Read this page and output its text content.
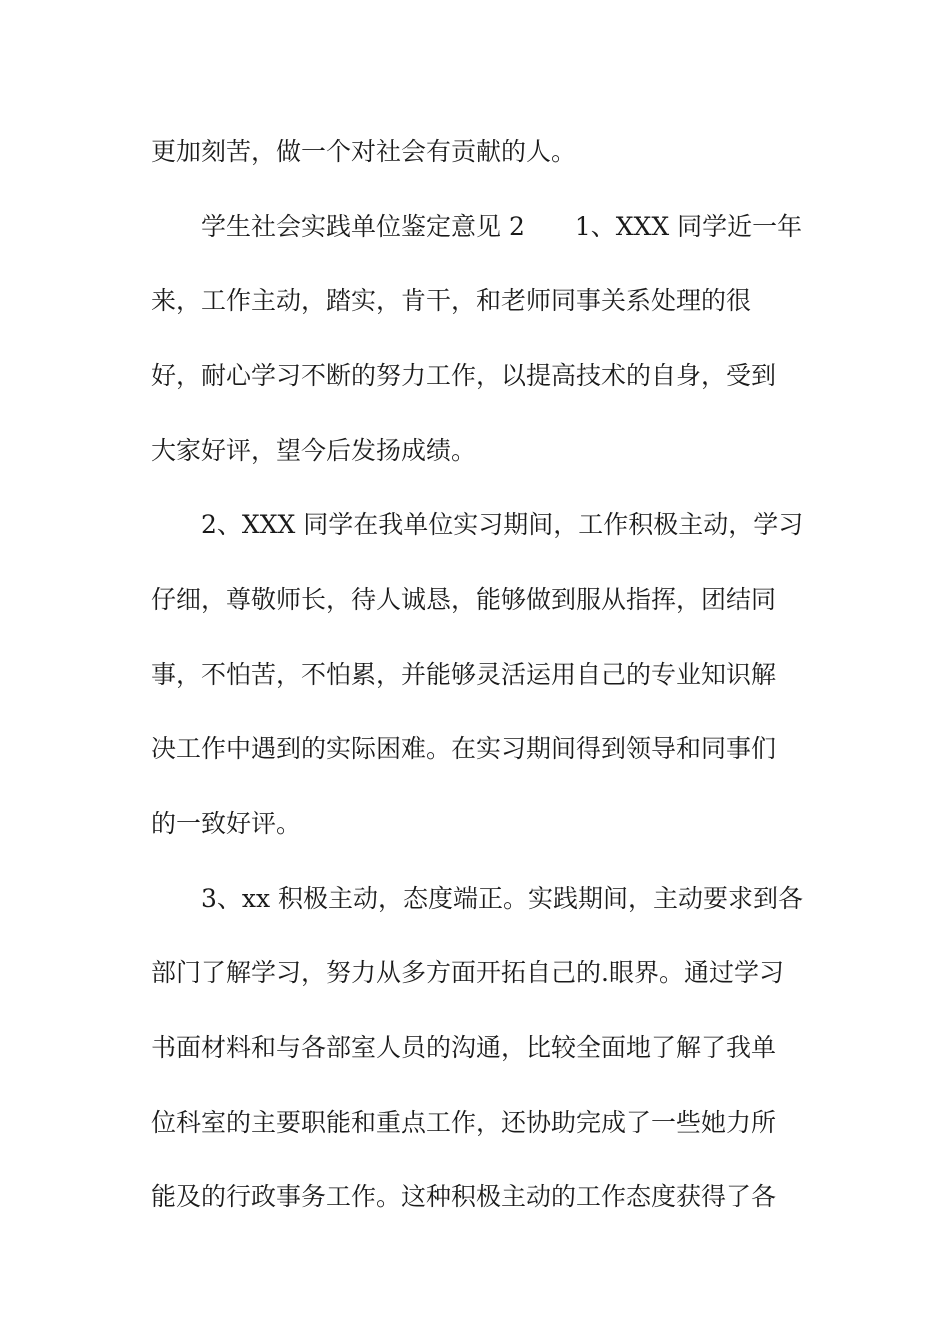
更加刻苦，做一个对社会有贡献的人。
学生社会实践单位鉴定意见 2　　1、XXX 同学近一年
来，工作主动，踏实，肯干，和老师同事关系处理的很
好，耐心学习不断的努力工作，以提高技术的自身，受到
大家好评，望今后发扬成绩。
2、XXX 同学在我单位实习期间，工作积极主动，学习
仔细，尊敬师长，待人诚恳，能够做到服从指挥，团结同
事，不怕苦，不怕累，并能够灵活运用自己的专业知识解
决工作中遇到的实际困难。在实习期间得到领导和同事们
的一致好评。
3、xx 积极主动，态度端正。实践期间，主动要求到各
部门了解学习，努力从多方面开拓自己的.眼界。通过学习
书面材料和与各部室人员的沟通，比较全面地了解了我单
位科室的主要职能和重点工作，还协助完成了一些她力所
能及的行政事务工作。这种积极主动的工作态度获得了各
